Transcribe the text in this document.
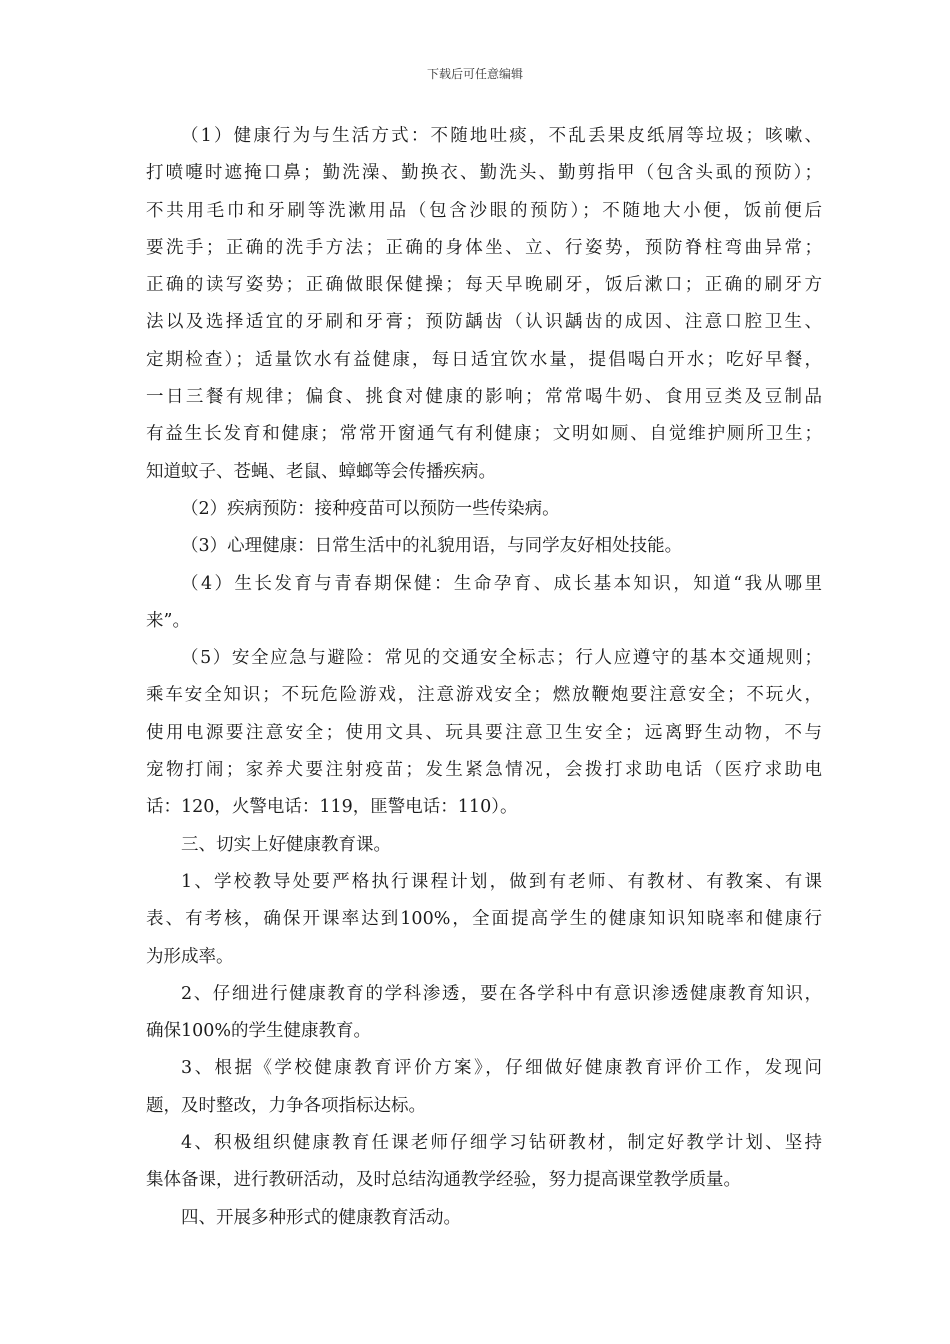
下载后可任意编辑
（1）健康行为与生活方式：不随地吐痰，不乱丢果皮纸屑等垃圾；咳嗽、
打喷嚏时遮掩口鼻；勤洗澡、勤换衣、勤洗头、勤剪指甲（包含头虱的预防）；
不共用毛巾和牙刷等洗漱用品（包含沙眼的预防）；不随地大小便，饭前便后
要洗手；正确的洗手方法；正确的身体坐、立、行姿势，预防脊柱弯曲异常；
正确的读写姿势；正确做眼保健操；每天早晚刷牙，饭后漱口；正确的刷牙方
法以及选择适宜的牙刷和牙膏；预防龋齿（认识龋齿的成因、注意口腔卫生、
定期检查）；适量饮水有益健康，每日适宜饮水量，提倡喝白开水；吃好早餐，
一日三餐有规律；偏食、挑食对健康的影响；常常喝牛奶、食用豆类及豆制品
有益生长发育和健康；常常开窗通气有利健康；文明如厕、自觉维护厕所卫生；
知道蚊子、苍蝇、老鼠、蟑螂等会传播疾病。
（2）疾病预防：接种疫苗可以预防一些传染病。
（3）心理健康：日常生活中的礼貌用语，与同学友好相处技能。
（4）生长发育与青春期保健：生命孕育、成长基本知识，知道“我从哪里
来”。
（5）安全应急与避险：常见的交通安全标志；行人应遵守的基本交通规则；
乘车安全知识；不玩危险游戏，注意游戏安全；燃放鞭炮要注意安全；不玩火，
使用电源要注意安全；使用文具、玩具要注意卫生安全；远离野生动物，不与
宠物打闹；家养犬要注射疫苗；发生紧急情况，会拨打求助电话（医疗求助电
话：120，火警电话：119，匪警电话：110）。
三、切实上好健康教育课。
1、学校教导处要严格执行课程计划，做到有老师、有教材、有教案、有课
表、有考核，确保开课率达到100%，全面提高学生的健康知识知晓率和健康行
为形成率。
2、仔细进行健康教育的学科渗透，要在各学科中有意识渗透健康教育知识，
确保100%的学生健康教育。
3、根据《学校健康教育评价方案》，仔细做好健康教育评价工作，发现问
题，及时整改，力争各项指标达标。
4、积极组织健康教育任课老师仔细学习钻研教材，制定好教学计划、坚持
集体备课，进行教研活动，及时总结沟通教学经验，努力提高课堂教学质量。
四、开展多种形式的健康教育活动。
